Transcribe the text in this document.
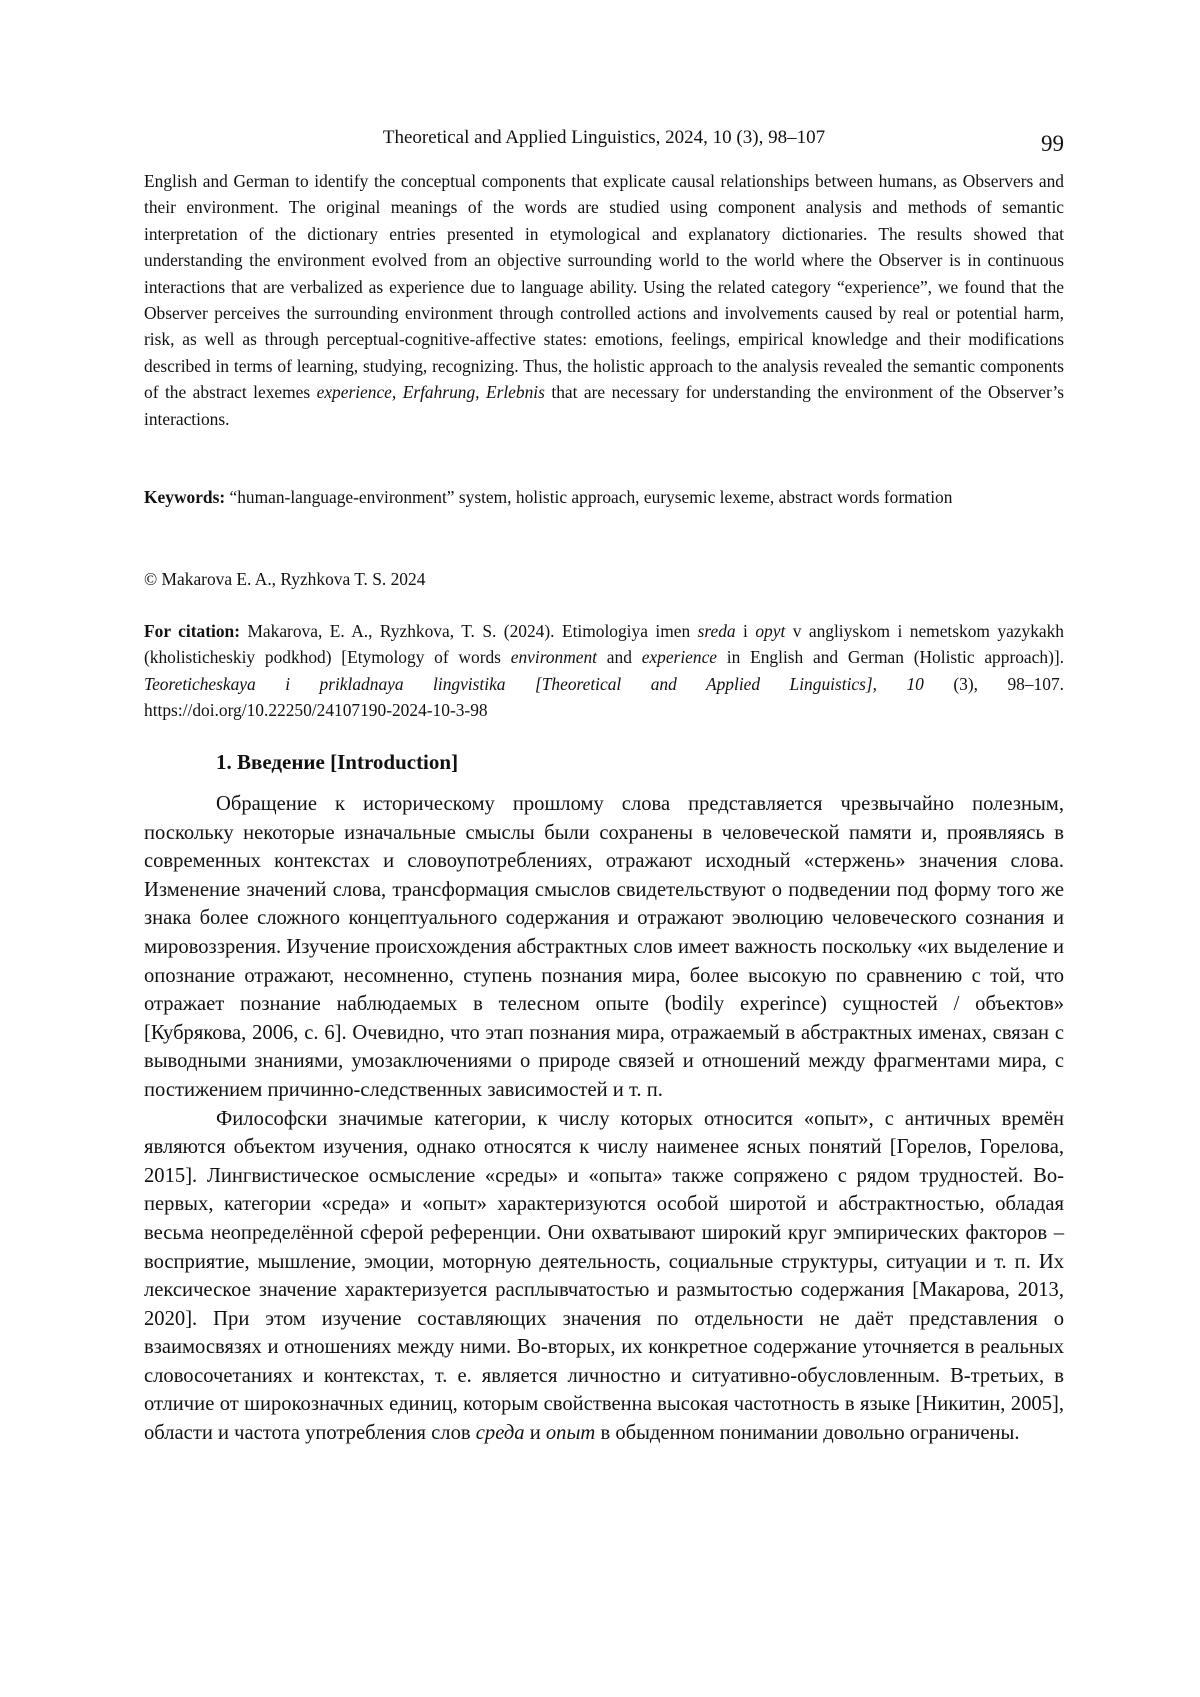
Theoretical and Applied Linguistics, 2024, 10 (3), 98–107	99

English and German to identify the conceptual components that explicate causal relationships between humans, as Observers and their environment. The original meanings of the words are studied using component analysis and methods of semantic interpretation of the dictionary entries presented in etymological and explanatory dictionaries. The results showed that understanding the environment evolved from an objective surrounding world to the world where the Observer is in continuous interactions that are verbalized as experience due to language ability. Using the related category “experience”, we found that the Observer perceives the surrounding environment through controlled actions and involvements caused by real or potential harm, risk, as well as through perceptual-cognitive-affective states: emotions, feelings, empirical knowledge and their modifications described in terms of learning, studying, recognizing. Thus, the holistic approach to the analysis revealed the semantic components of the abstract lexemes experience, Erfahrung, Erlebnis that are necessary for understanding the environment of the Observer’s interactions.

Keywords: “human-language-environment” system, holistic approach, eurysemic lexeme, abstract words formation

© Makarova E. A., Ryzhkova T. S. 2024

For citation: Makarova, E. A., Ryzhkova, T. S. (2024). Etimologiya imen sreda i opyt v angliyskom i nemetskom yazykakh (kholisticheskiy podkhod) [Etymology of words environment and experience in English and German (Holistic approach)]. Teoreticheskaya i prikladnaya lingvistika [Theoretical and Applied Linguistics], 10 (3), 98–107. https://doi.org/10.22250/24107190-2024-10-3-98

1. Введение [Introduction]

Обращение к историческому прошлому слова представляется чрезвычайно полезным, поскольку некоторые изначальные смыслы были сохранены в человеческой памяти и, проявляясь в современных контекстах и словоупотреблениях, отражают исходный «стержень» значения слова. Изменение значений слова, трансформация смыслов свидетельствуют о подведении под форму того же знака более сложного концептуального содержания и отражают эволюцию человеческого сознания и мировоззрения. Изучение происхождения абстрактных слов имеет важность поскольку «их выделение и опознание отражают, несомненно, ступень познания мира, более высокую по сравнению с той, что отражает познание наблюдаемых в телесном опыте (bodily experince) сущностей / объектов» [Кубрякова, 2006, с. 6]. Очевидно, что этап познания мира, отражаемый в абстрактных именах, связан с выводными знаниями, умозаключениями о природе связей и отношений между фрагментами мира, с постижением причинно-следственных зависимостей и т. п.

Философски значимые категории, к числу которых относится «опыт», с античных времён являются объектом изучения, однако относятся к числу наименее ясных понятий [Горелов, Горелова, 2015]. Лингвистическое осмысление «среды» и «опыта» также сопряжено с рядом трудностей. Во-первых, категории «среда» и «опыт» характеризуются особой широтой и абстрактностью, обладая весьма неопределённой сферой референции. Они охватывают широкий круг эмпирических факторов – восприятие, мышление, эмоции, моторную деятельность, социальные структуры, ситуации и т. п. Их лексическое значение характеризуется расплывчатостью и размытостью содержания [Макарова, 2013, 2020]. При этом изучение составляющих значения по отдельности не даёт представления о взаимосвязях и отношениях между ними. Во-вторых, их конкретное содержание уточняется в реальных словосочетаниях и контекстах, т. е. является личностно и ситуативно-обусловленным. В-третьих, в отличие от широкозначных единиц, которым свойственна высокая частотность в языке [Никитин, 2005], области и частота употребления слов среда и опыт в обыденном понимании довольно ограничены.
